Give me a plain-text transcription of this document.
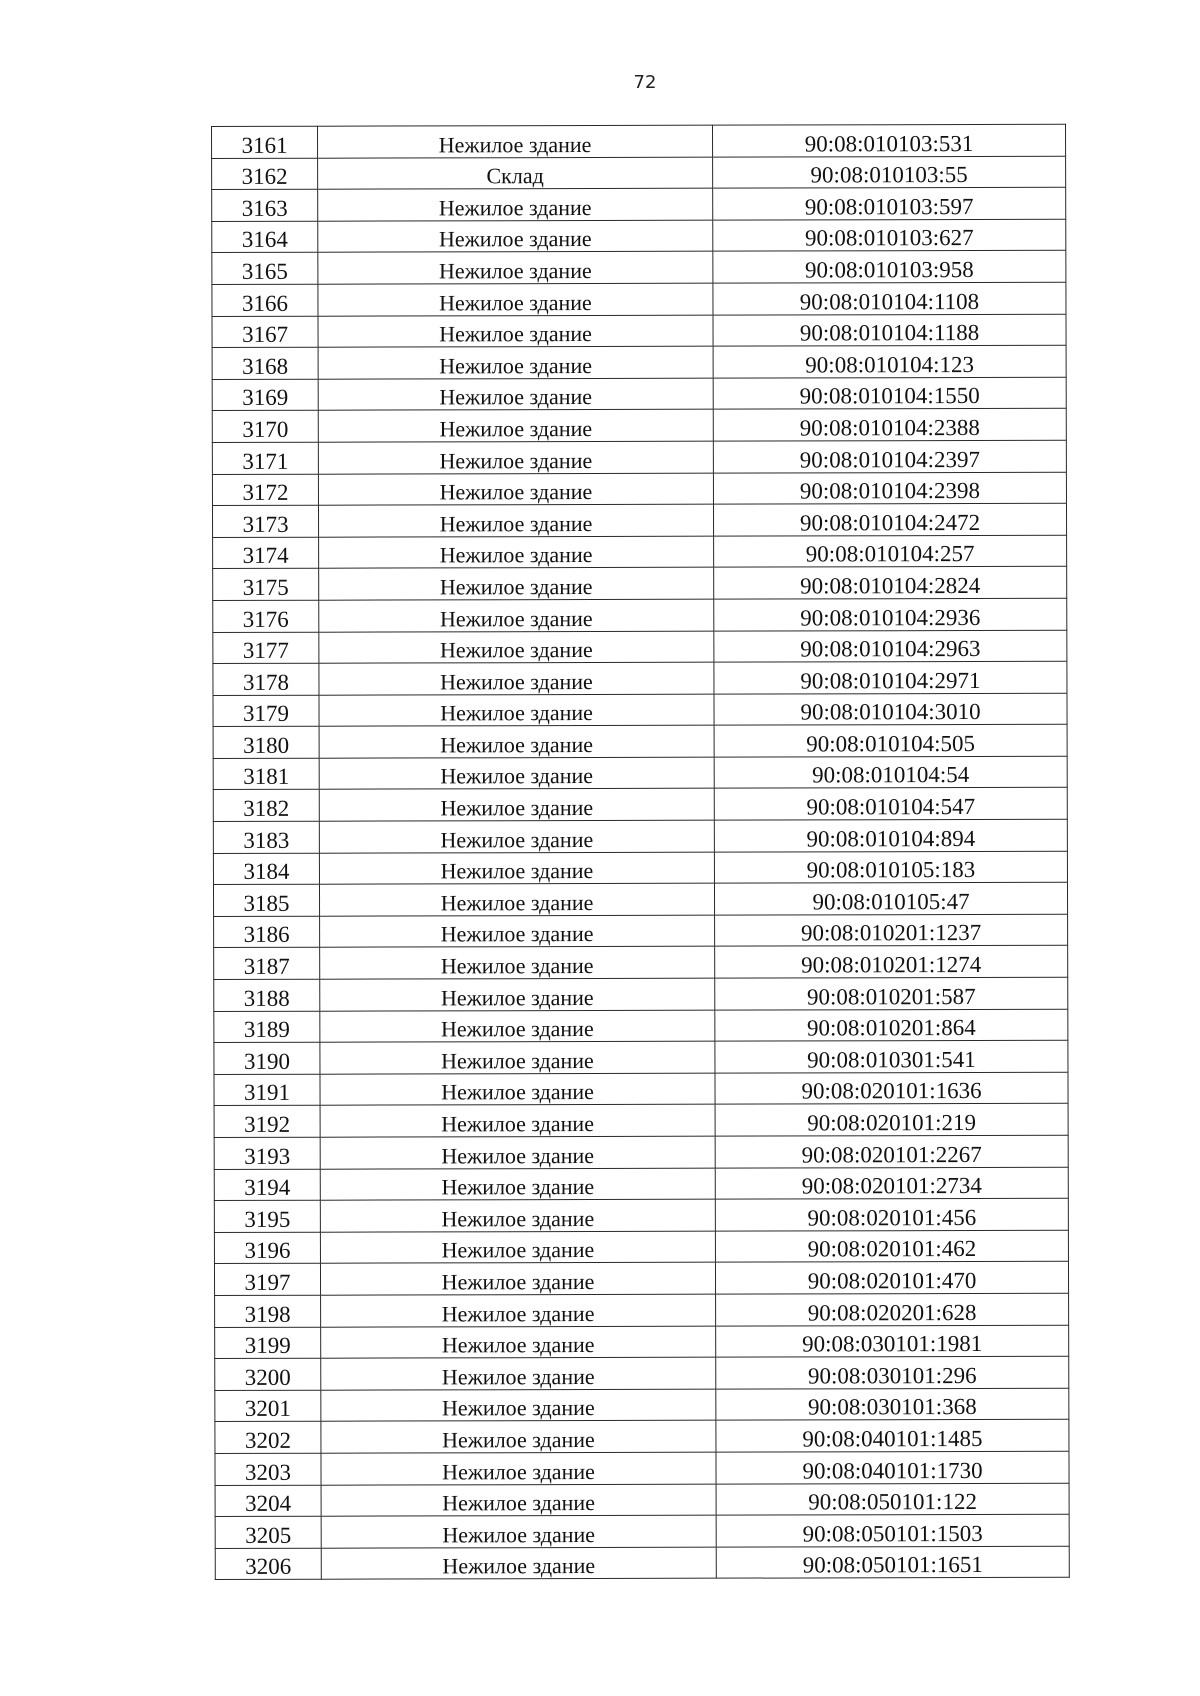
72
3161	Нежилое здание	90:08:010103:531
3162	Склад	90:08:010103:55
3163	Нежилое здание	90:08:010103:597
3164	Нежилое здание	90:08:010103:627
3165	Нежилое здание	90:08:010103:958
3166	Нежилое здание	90:08:010104:1108
3167	Нежилое здание	90:08:010104:1188
3168	Нежилое здание	90:08:010104:123
3169	Нежилое здание	90:08:010104:1550
3170	Нежилое здание	90:08:010104:2388
3171	Нежилое здание	90:08:010104:2397
3172	Нежилое здание	90:08:010104:2398
3173	Нежилое здание	90:08:010104:2472
3174	Нежилое здание	90:08:010104:257
3175	Нежилое здание	90:08:010104:2824
3176	Нежилое здание	90:08:010104:2936
3177	Нежилое здание	90:08:010104:2963
3178	Нежилое здание	90:08:010104:2971
3179	Нежилое здание	90:08:010104:3010
3180	Нежилое здание	90:08:010104:505
3181	Нежилое здание	90:08:010104:54
3182	Нежилое здание	90:08:010104:547
3183	Нежилое здание	90:08:010104:894
3184	Нежилое здание	90:08:010105:183
3185	Нежилое здание	90:08:010105:47
3186	Нежилое здание	90:08:010201:1237
3187	Нежилое здание	90:08:010201:1274
3188	Нежилое здание	90:08:010201:587
3189	Нежилое здание	90:08:010201:864
3190	Нежилое здание	90:08:010301:541
3191	Нежилое здание	90:08:020101:1636
3192	Нежилое здание	90:08:020101:219
3193	Нежилое здание	90:08:020101:2267
3194	Нежилое здание	90:08:020101:2734
3195	Нежилое здание	90:08:020101:456
3196	Нежилое здание	90:08:020101:462
3197	Нежилое здание	90:08:020101:470
3198	Нежилое здание	90:08:020201:628
3199	Нежилое здание	90:08:030101:1981
3200	Нежилое здание	90:08:030101:296
3201	Нежилое здание	90:08:030101:368
3202	Нежилое здание	90:08:040101:1485
3203	Нежилое здание	90:08:040101:1730
3204	Нежилое здание	90:08:050101:122
3205	Нежилое здание	90:08:050101:1503
3206	Нежилое здание	90:08:050101:1651
